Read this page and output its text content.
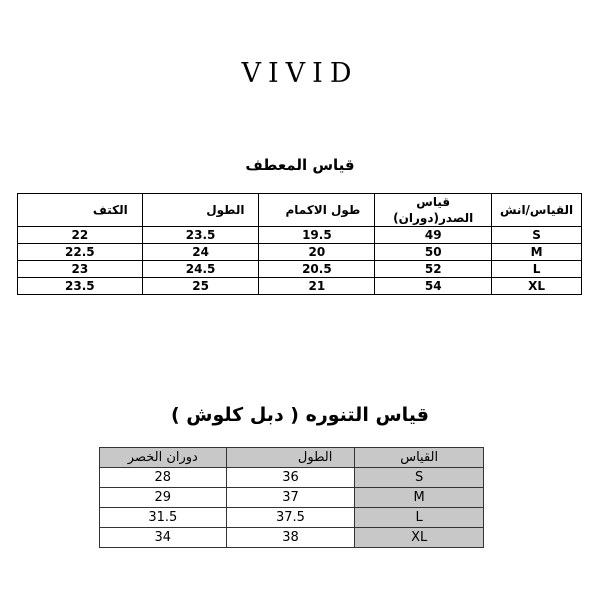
VIVID
قياس المعطف
الكتف	الطول	طول الاكمام	قياس الصدر(دوران)	القياس/انش
22	23.5	19.5	49	S
22.5	24	20	50	M
23	24.5	20.5	52	L
23.5	25	21	54	XL
قياس التنوره ( دبل كلوش )
دوران الخصر	الطول	القياس
28	36	S
29	37	M
31.5	37.5	L
34	38	XL
